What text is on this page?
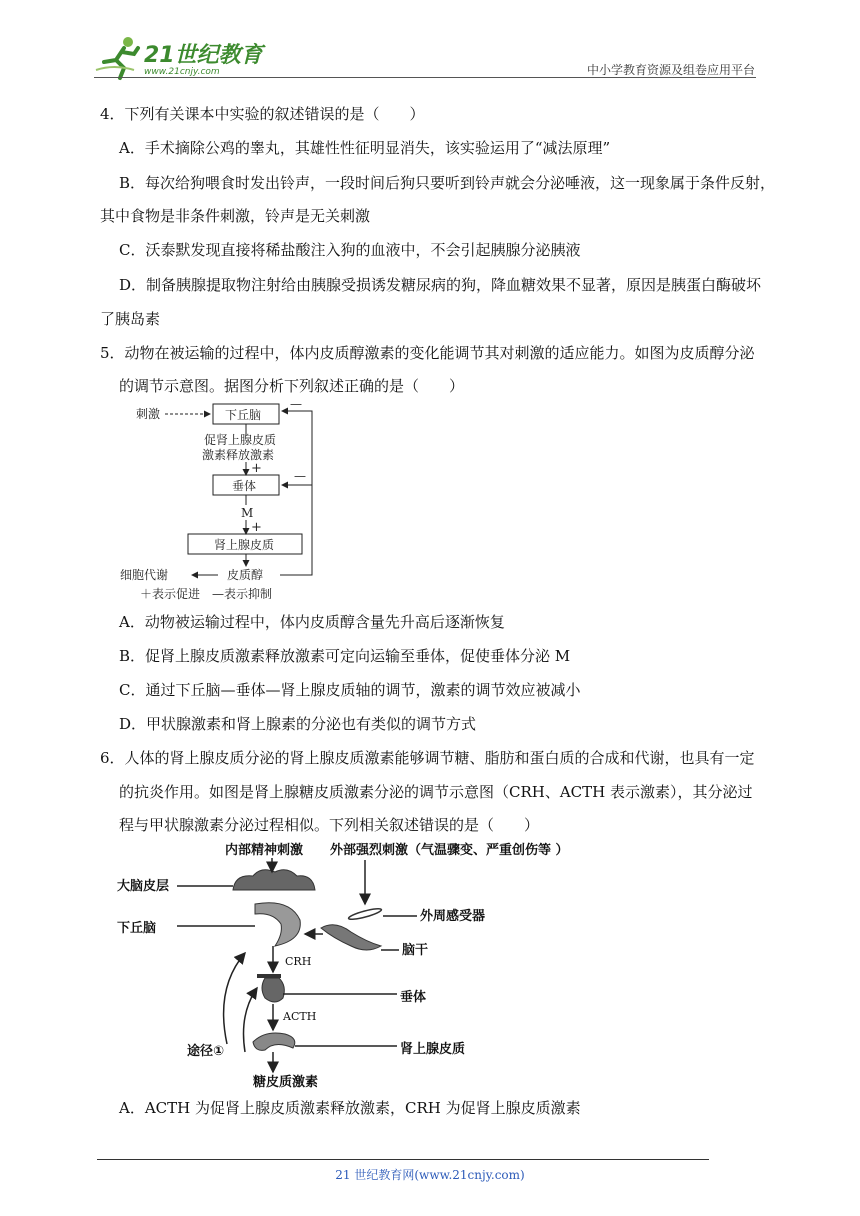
21世纪教育
www.21cnjy.com	中小学教育资源及组卷应用平台
4．下列有关课本中实验的叙述错误的是（　　）
A．手术摘除公鸡的睾丸，其雄性性征明显消失，该实验运用了“减法原理”
B．每次给狗喂食时发出铃声，一段时间后狗只要听到铃声就会分泌唾液，这一现象属于条件反射，
其中食物是非条件刺激，铃声是无关刺激
C．沃泰默发现直接将稀盐酸注入狗的血液中，不会引起胰腺分泌胰液
D．制备胰腺提取物注射给由胰腺受损诱发糖尿病的狗，降血糖效果不显著，原因是胰蛋白酶破坏
了胰岛素
5．动物在被运输的过程中，体内皮质醇激素的变化能调节其对刺激的适应能力。如图为皮质醇分泌
的调节示意图。据图分析下列叙述正确的是（　　）
刺激	下丘脑
促肾上腺皮质
激素释放激素
+
垂体
M
+
肾上腺皮质
皮质醇
细胞代谢
—
—
＋表示促进　—表示抑制
A．动物被运输过程中，体内皮质醇含量先升高后逐渐恢复
B．促肾上腺皮质激素释放激素可定向运输至垂体，促使垂体分泌 M
C．通过下丘脑—垂体—肾上腺皮质轴的调节，激素的调节效应被减小
D．甲状腺激素和肾上腺素的分泌也有类似的调节方式
6．人体的肾上腺皮质分泌的肾上腺皮质激素能够调节糖、脂肪和蛋白质的合成和代谢，也具有一定
的抗炎作用。如图是肾上腺糖皮质激素分泌的调节示意图（CRH、ACTH 表示激素），其分泌过
程与甲状腺激素分泌过程相似。下列相关叙述错误的是（　　）
内部精神刺激 外部强烈刺激（气温骤变、严重创伤等 ）
大脑皮层
外周感受器
下丘脑
脑干
垂体
途径①	肾上腺皮质
糖皮质激素
CRH
ACTH
A．ACTH 为促肾上腺皮质激素释放激素，CRH 为促肾上腺皮质激素
21 世纪教育网(www.21cnjy.com)
